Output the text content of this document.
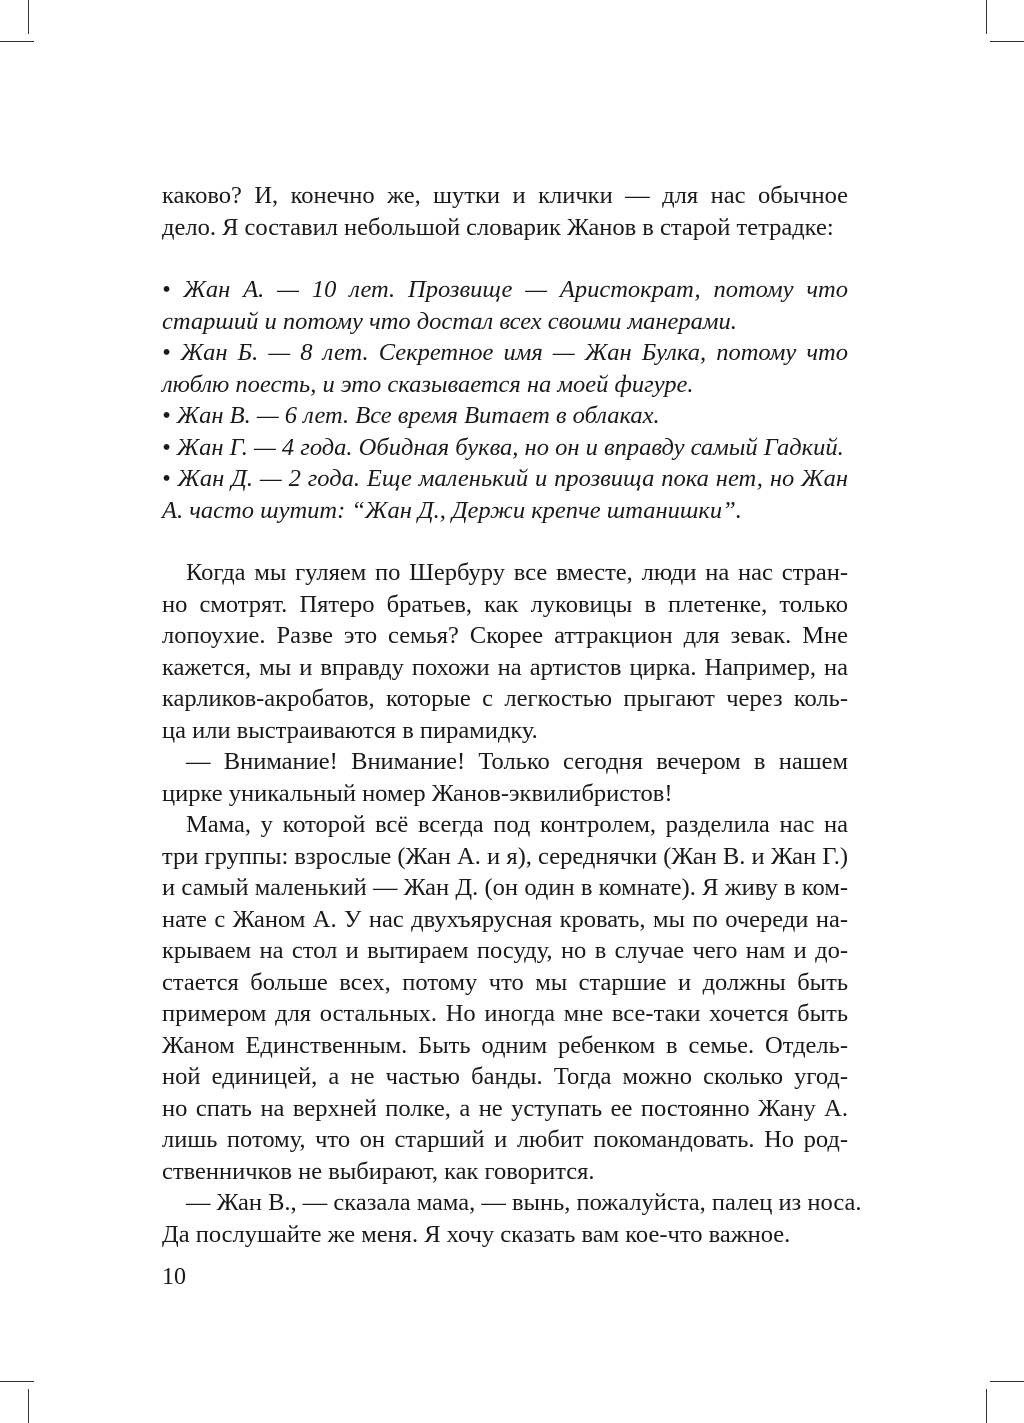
каково? И, конечно же, шутки и клички — для нас обычное
дело. Я составил небольшой словарик Жанов в старой тетрадке:
• Жан А. — 10 лет. Прозвище — Аристократ, потому что
старший и потому что достал всех своими манерами.
• Жан Б. — 8 лет. Секретное имя — Жан Булка, потому что
люблю поесть, и это сказывается на моей фигуре.
• Жан В. — 6 лет. Все время Витает в облаках.
• Жан Г. — 4 года. Обидная буква, но он и вправду самый Гадкий.
• Жан Д. — 2 года. Еще маленький и прозвища пока нет, но Жан
А. часто шутит: “Жан Д., Держи крепче штанишки”.
Когда мы гуляем по Шербуру все вместе, люди на нас стран-
но смотрят. Пятеро братьев, как луковицы в плетенке, только
лопоухие. Разве это семья? Скорее аттракцион для зевак. Мне
кажется, мы и вправду похожи на артистов цирка. Например, на
карликов-акробатов, которые с легкостью прыгают через коль-
ца или выстраиваются в пирамидку.
— Внимание! Внимание! Только сегодня вечером в нашем
цирке уникальный номер Жанов-эквилибристов!
Мама, у которой всё всегда под контролем, разделила нас на
три группы: взрослые (Жан А. и я), середнячки (Жан В. и Жан Г.)
и самый маленький — Жан Д. (он один в комнате). Я живу в ком-
нате с Жаном А. У нас двухъярусная кровать, мы по очереди на-
крываем на стол и вытираем посуду, но в случае чего нам и до-
стается больше всех, потому что мы старшие и должны быть
примером для остальных. Но иногда мне все-таки хочется быть
Жаном Единственным. Быть одним ребенком в семье. Отдель-
ной единицей, а не частью банды. Тогда можно сколько угод-
но спать на верхней полке, а не уступать ее постоянно Жану А.
лишь потому, что он старший и любит покомандовать. Но род-
ственничков не выбирают, как говорится.
— Жан В., — сказала мама, — вынь, пожалуйста, палец из носа.
Да послушайте же меня. Я хочу сказать вам кое-что важное.
10
